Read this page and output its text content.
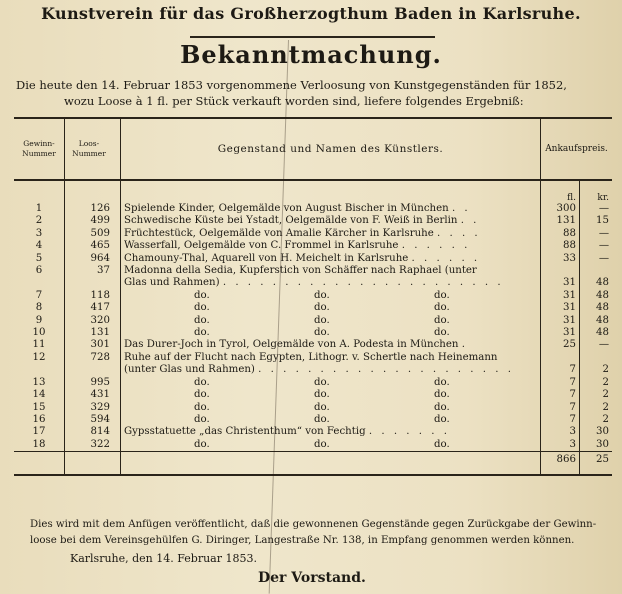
Kunstverein für das Großherzogthum Baden in Karlsruhe.
Bekanntmachung.
Die heute den 14. Februar 1853 vorgenommene Verloosung von Kunstgegenständen für 1852,
wozu Loose à 1 fl. per Stück verkauft worden sind, liefere folgendes Ergebniß:
Gewinn-Nummer	Loos-Nummer	Gegenstand und Namen des Künstlers.	Ankaufspreis.	
			fl.	kr.
1	126	Spielende Kinder, Oelgemälde von August Bischer in München . .	300	—
2	499	Schwedische Küste bei Ystadt, Oelgemälde von F. Weiß in Berlin . .	131	15
3	509	Früchtestück, Oelgemälde von Amalie Kärcher in Karlsruhe . . . .	88	—
4	465	Wasserfall, Oelgemälde von C. Frommel in Karlsruhe . . . . . .	88	—
5	964	Chamouny-Thal, Aquarell von H. Meichelt in Karlsruhe . . . . . .	33	—
6	37	Madonna della Sedia, Kupferstich von Schäffer nach Raphael (unter		
		Glas und Rahmen) . . . . . . . . . . . . . . . . . . . . . . .	31	48
7	118	do. do. do.	31	48
8	417	do. do. do.	31	48
9	320	do. do. do.	31	48
10	131	do. do. do.	31	48
11	301	Das Durer-Joch in Tyrol, Oelgemälde von A. Podesta in München .	25	—
12	728	Ruhe auf der Flucht nach Egypten, Lithogr. v. Schertle nach Heinemann		
		(unter Glas und Rahmen) . . . . . . . . . . . . . . . . . . . . .	7	2
13	995	do. do. do.	7	2
14	431	do. do. do.	7	2
15	329	do. do. do.	7	2
16	594	do. do. do.	7	2
17	814	Gypsstatuette „das Christenthum“ von Fechtig . . . . . . .	3	30
18	322	do. do. do.	3	30
			866	25

Dies wird mit dem Anfügen veröffentlicht, daß die gewonnenen Gegenstände gegen Zurückgabe der Gewinn-
loose bei dem Vereinsgehülfen G. Diringer, Langestraße Nr. 138, in Empfang genommen werden können.
Karlsruhe, den 14. Februar 1853.
Der Vorstand.
